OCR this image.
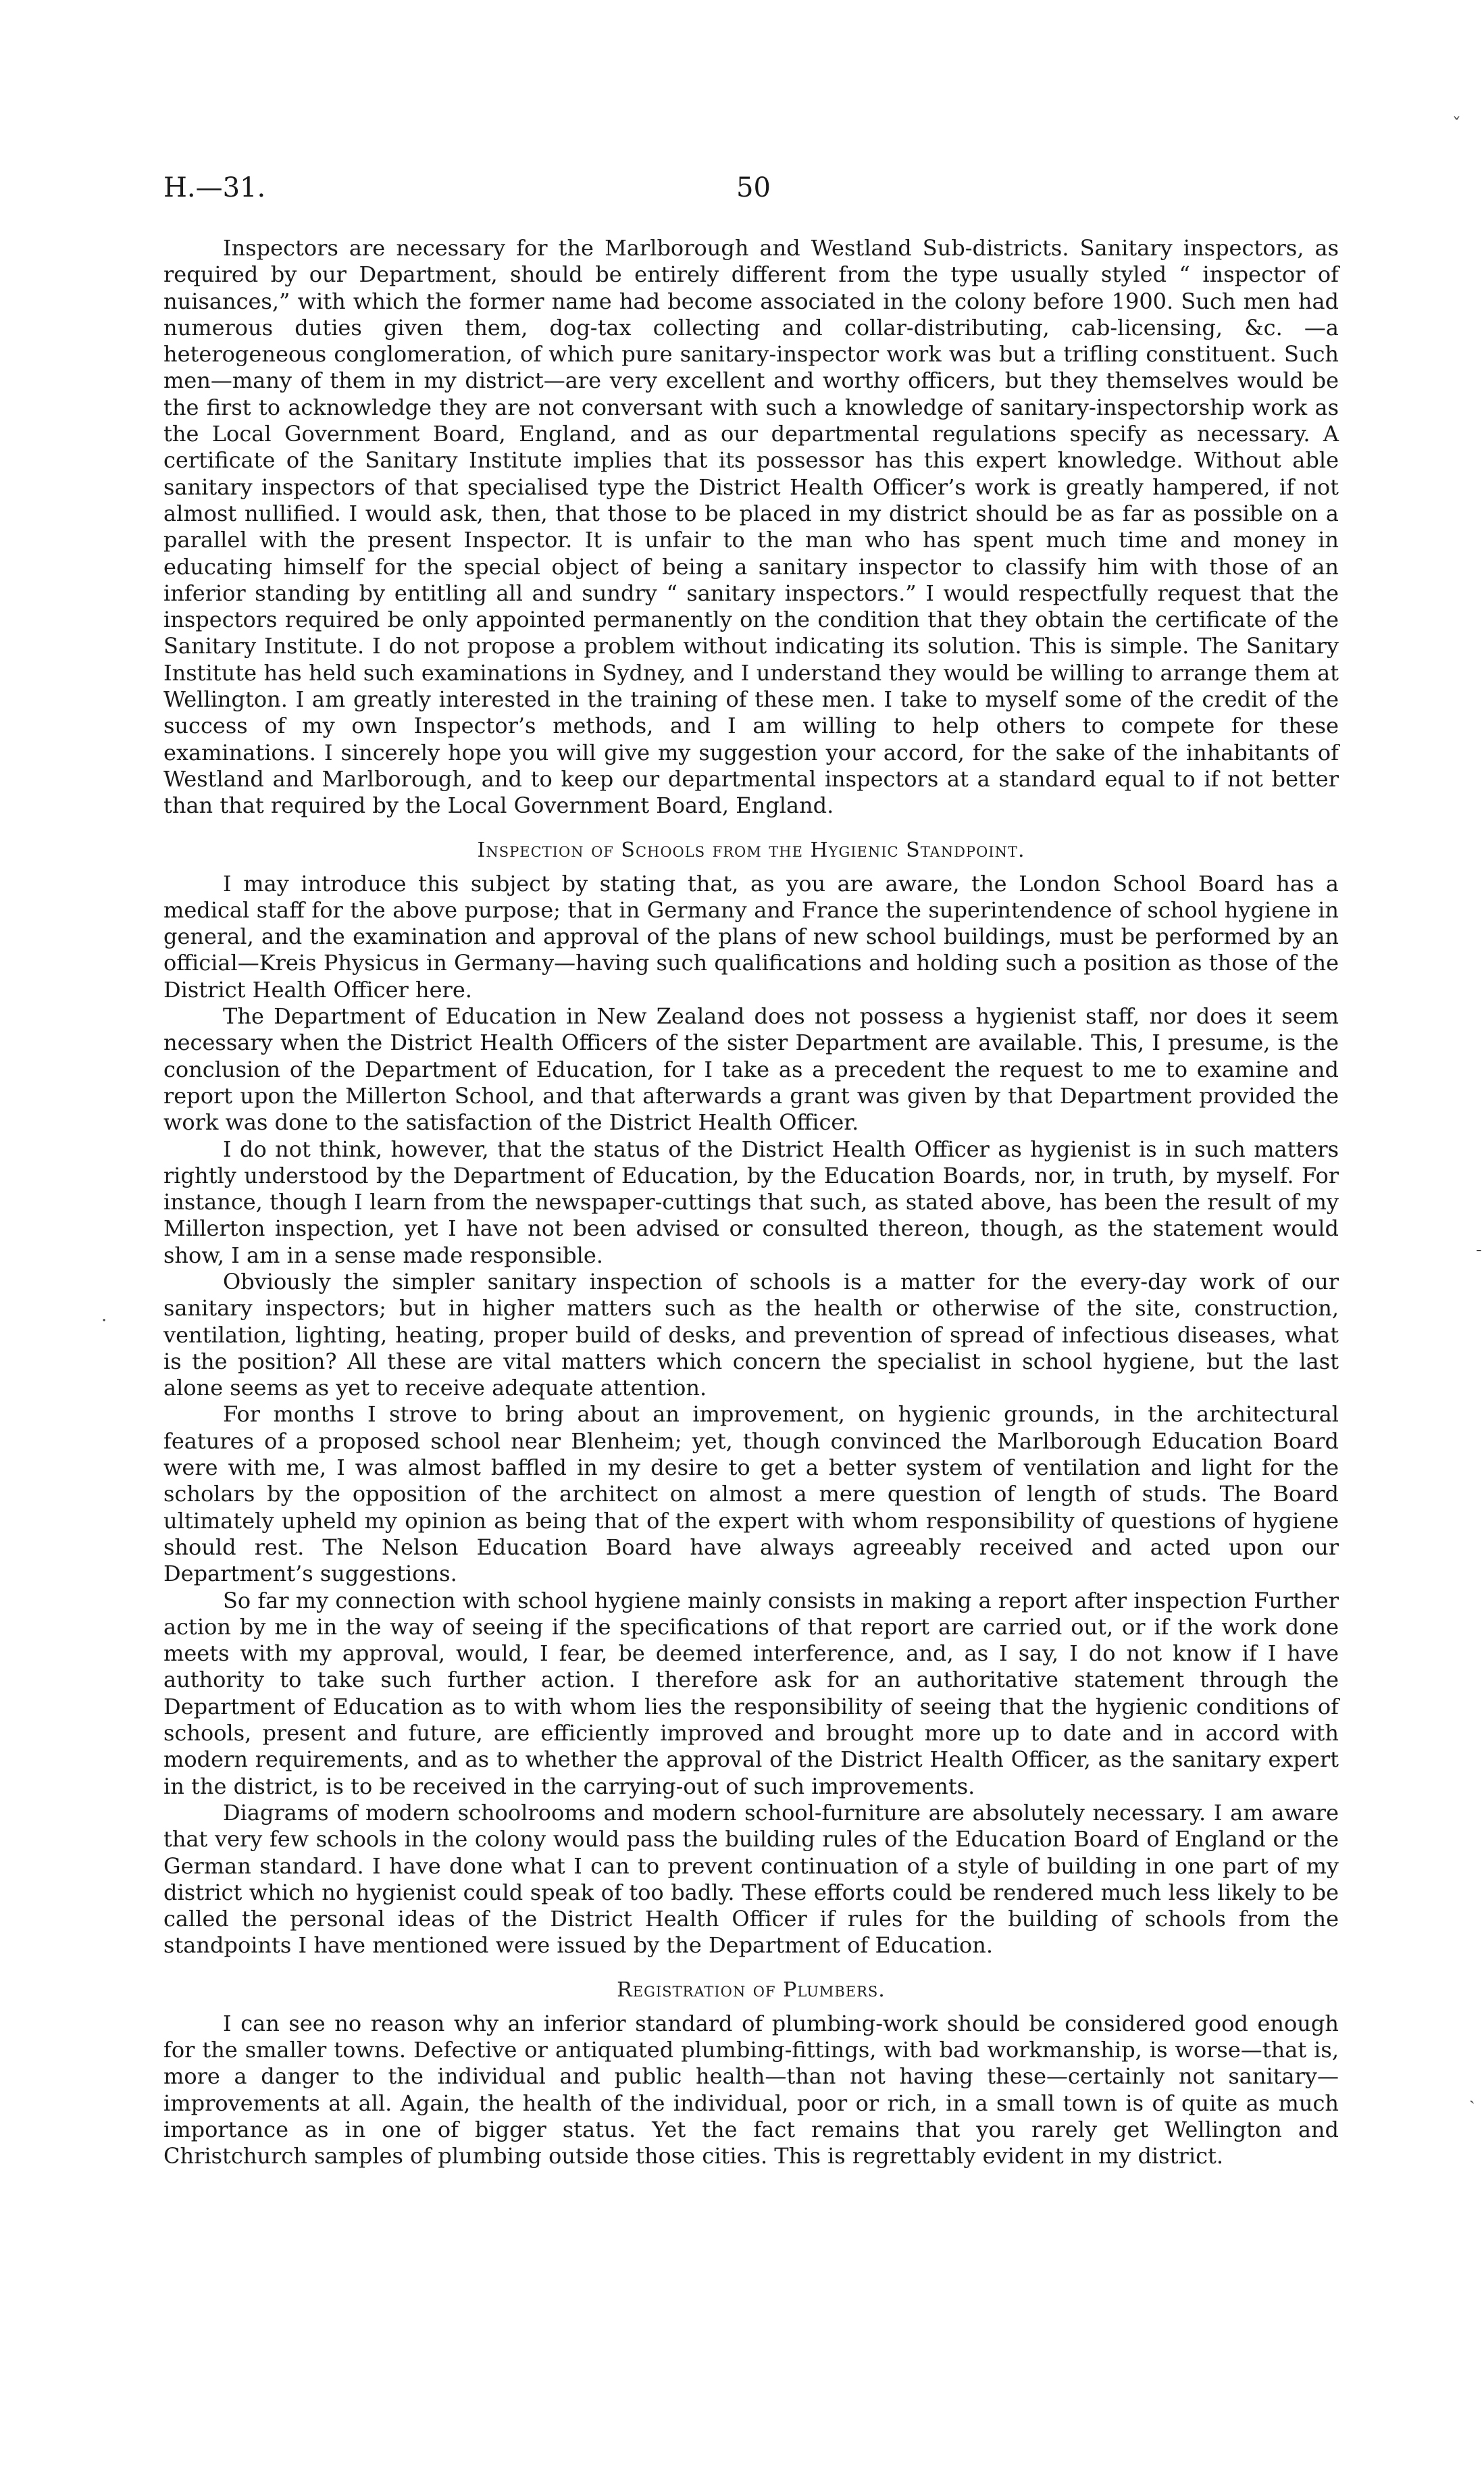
ˇ
-
ˏ
·
H.—31.	50

Inspectors are necessary for the Marlborough and Westland Sub-districts. Sanitary inspectors, as required by our Department, should be entirely different from the type usually styled “ inspector of nuisances,” with which the former name had become associated in the colony before 1900. Such men had numerous duties given them, dog-tax collecting and collar-distributing, cab-licensing, &c. —a heterogeneous conglomeration, of which pure sanitary-inspector work was but a trifling constituent. Such men—many of them in my district—are very excellent and worthy officers, but they themselves would be the first to acknowledge they are not conversant with such a knowledge of sanitary-inspectorship work as the Local Government Board, England, and as our departmental regulations specify as necessary. A certificate of the Sanitary Institute implies that its possessor has this expert knowledge. Without able sanitary inspectors of that specialised type the District Health Officer’s work is greatly hampered, if not almost nullified. I would ask, then, that those to be placed in my district should be as far as possible on a parallel with the present Inspector. It is unfair to the man who has spent much time and money in educating himself for the special object of being a sanitary inspector to classify him with those of an inferior standing by entitling all and sundry “ sanitary inspectors.” I would respectfully request that the inspectors required be only appointed permanently on the condition that they obtain the certificate of the Sanitary Institute. I do not propose a problem without indicating its solution. This is simple. The Sanitary Institute has held such examinations in Sydney, and I understand they would be willing to arrange them at Wellington. I am greatly interested in the training of these men. I take to myself some of the credit of the success of my own Inspector’s methods, and I am willing to help others to compete for these examinations. I sincerely hope you will give my suggestion your accord, for the sake of the inhabitants of Westland and Marlborough, and to keep our departmental inspectors at a standard equal to if not better than that required by the Local Government Board, England.

Inspection of Schools from the Hygienic Standpoint.

I may introduce this subject by stating that, as you are aware, the London School Board has a medical staff for the above purpose; that in Germany and France the superintendence of school hygiene in general, and the examination and approval of the plans of new school buildings, must be performed by an official—Kreis Physicus in Germany—having such qualifications and holding such a position as those of the District Health Officer here.

The Department of Education in New Zealand does not possess a hygienist staff, nor does it seem necessary when the District Health Officers of the sister Department are available. This, I presume, is the conclusion of the Department of Education, for I take as a precedent the request to me to examine and report upon the Millerton School, and that afterwards a grant was given by that Department provided the work was done to the satisfaction of the District Health Officer.

I do not think, however, that the status of the District Health Officer as hygienist is in such matters rightly understood by the Department of Education, by the Education Boards, nor, in truth, by myself. For instance, though I learn from the newspaper-cuttings that such, as stated above, has been the result of my Millerton inspection, yet I have not been advised or consulted thereon, though, as the statement would show, I am in a sense made responsible.

Obviously the simpler sanitary inspection of schools is a matter for the every-day work of our sanitary inspectors; but in higher matters such as the health or otherwise of the site, construction, ventilation, lighting, heating, proper build of desks, and prevention of spread of infectious diseases, what is the position? All these are vital matters which concern the specialist in school hygiene, but the last alone seems as yet to receive adequate attention.

For months I strove to bring about an improvement, on hygienic grounds, in the architectural features of a proposed school near Blenheim; yet, though convinced the Marlborough Education Board were with me, I was almost baffled in my desire to get a better system of ventilation and light for the scholars by the opposition of the architect on almost a mere question of length of studs. The Board ultimately upheld my opinion as being that of the expert with whom responsibility of questions of hygiene should rest. The Nelson Education Board have always agreeably received and acted upon our Department’s suggestions.

So far my connection with school hygiene mainly consists in making a report after inspection Further action by me in the way of seeing if the specifications of that report are carried out, or if the work done meets with my approval, would, I fear, be deemed interference, and, as I say, I do not know if I have authority to take such further action. I therefore ask for an authoritative statement through the Department of Education as to with whom lies the responsibility of seeing that the hygienic conditions of schools, present and future, are efficiently improved and brought more up to date and in accord with modern requirements, and as to whether the approval of the District Health Officer, as the sanitary expert in the district, is to be received in the carrying-out of such improvements.

Diagrams of modern schoolrooms and modern school-furniture are absolutely necessary. I am aware that very few schools in the colony would pass the building rules of the Education Board of England or the German standard. I have done what I can to prevent continuation of a style of building in one part of my district which no hygienist could speak of too badly. These efforts could be rendered much less likely to be called the personal ideas of the District Health Officer if rules for the building of schools from the standpoints I have mentioned were issued by the Department of Education.

Registration of Plumbers.

I can see no reason why an inferior standard of plumbing-work should be considered good enough for the smaller towns. Defective or antiquated plumbing-fittings, with bad workmanship, is worse—that is, more a danger to the individual and public health—than not having these—certainly not sanitary—improvements at all. Again, the health of the individual, poor or rich, in a small town is of quite as much importance as in one of bigger status. Yet the fact remains that you rarely get Wellington and Christchurch samples of plumbing outside those cities. This is regrettably evident in my district.
